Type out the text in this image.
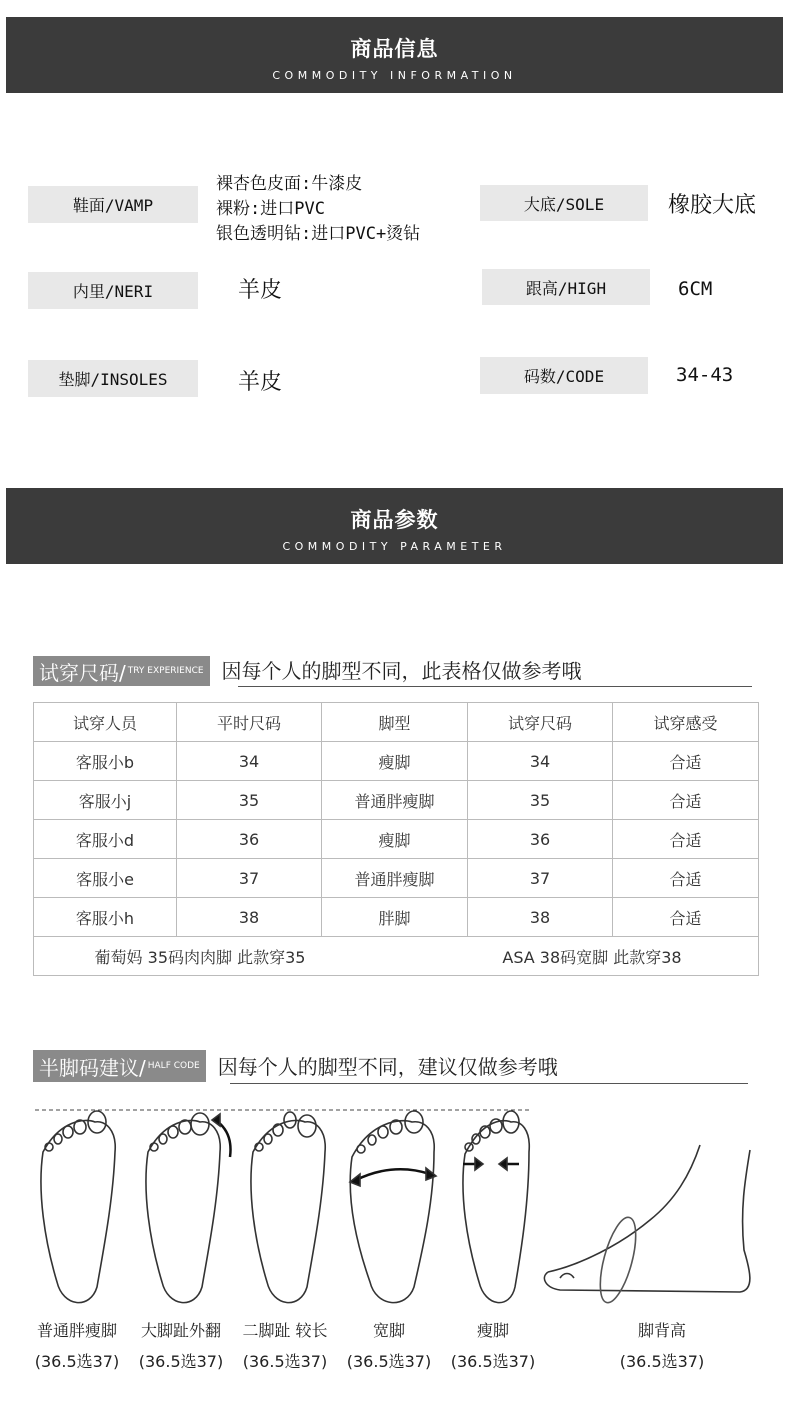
商品信息
COMMODITY INFORMATION
鞋面/VAMP
裸杏色皮面:牛漆皮
裸粉:进口PVC
银色透明钻:进口PVC+烫钻
大底/SOLE	橡胶大底
内里/NERI	羊皮	跟高/HIGH	6CM
垫脚/INSOLES	羊皮	码数/CODE	34-43
商品参数
COMMODITY PARAMETER
试穿尺码/ TRY EXPERIENCE 因每个人的脚型不同，此表格仅做参考哦
试穿人员	平时尺码	脚型	试穿尺码	试穿感受
客服小b	34	瘦脚	34	合适
客服小j	35	普通胖瘦脚	35	合适
客服小d	36	瘦脚	36	合适
客服小e	37	普通胖瘦脚	37	合适
客服小h	38	胖脚	38	合适

葡萄妈 35码肉肉脚 此款穿35 ASA 38码宽脚 此款穿38				
半脚码建议/ HALF CODE 因每个人的脚型不同，建议仅做参考哦
普通胖瘦脚
(36.5选37)
大脚趾外翻
(36.5选37)
二脚趾 较长
(36.5选37)
宽脚
(36.5选37)
瘦脚
(36.5选37)
脚背高
(36.5选37)
